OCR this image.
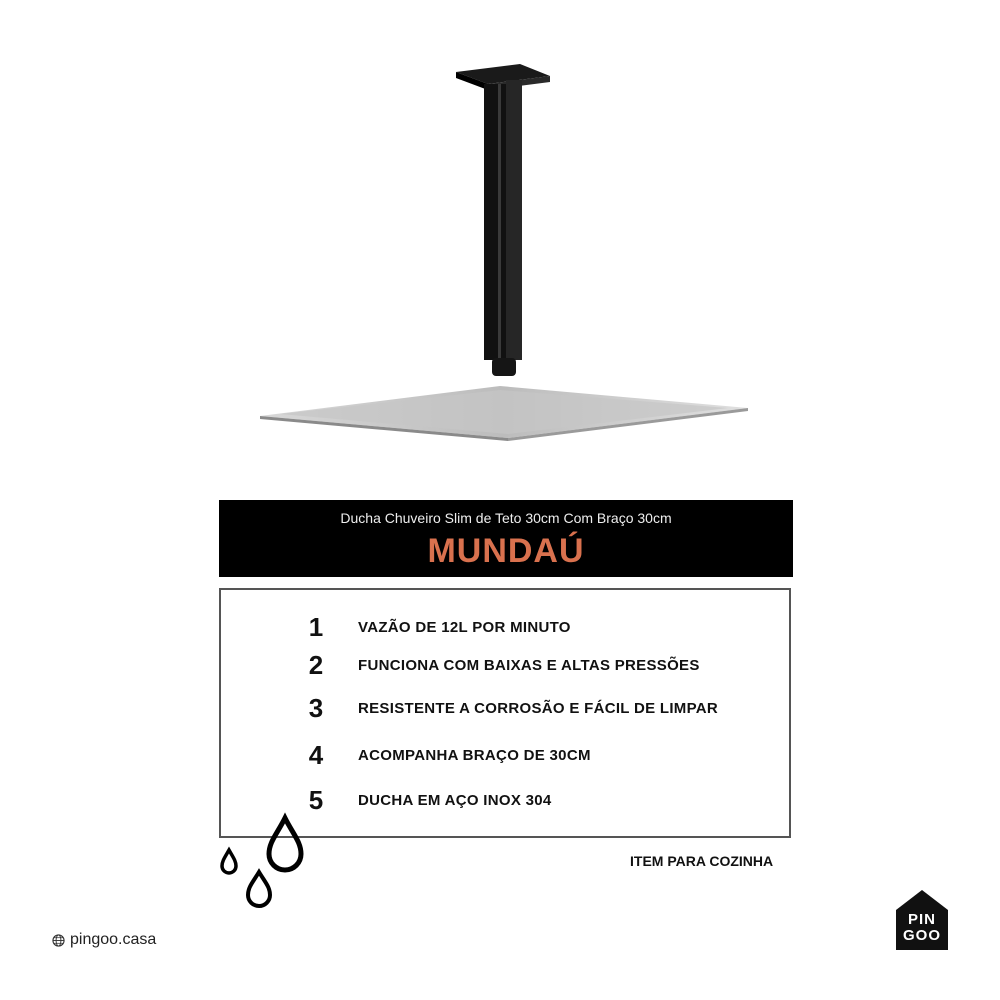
Ducha Chuveiro Slim de Teto 30cm Com Braço 30cm
MUNDAÚ
1 VAZÃO DE 12L POR MINUTO
2 FUNCIONA COM BAIXAS E ALTAS PRESSÕES
3 RESISTENTE A CORROSÃO E FÁCIL DE LIMPAR
4 ACOMPANHA BRAÇO DE 30CM
5 DUCHA EM AÇO INOX 304
ITEM PARA COZINHA
pingoo.casa
PIN
GOO
